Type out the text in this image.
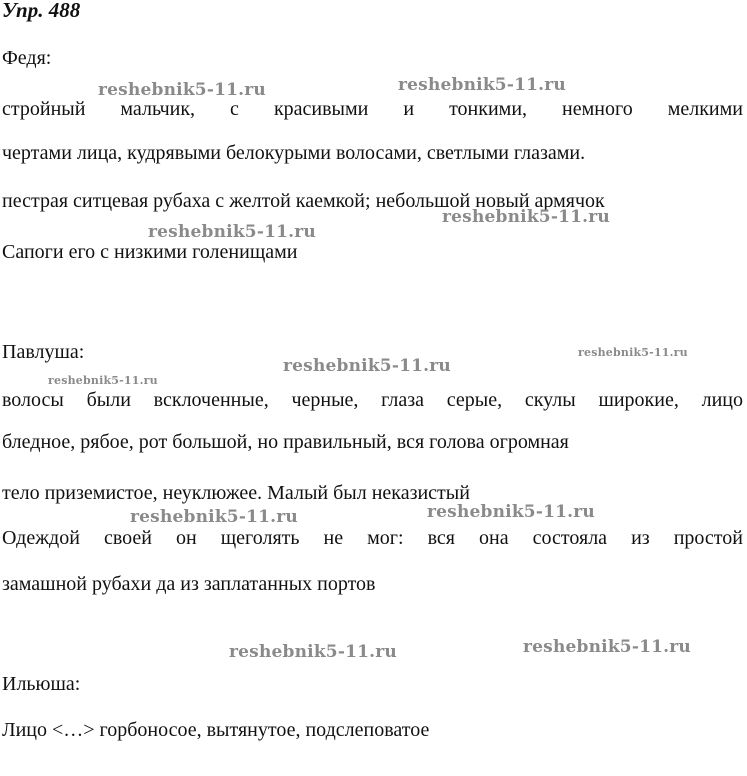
Упр. 488

Федя:

стройный мальчик, с красивыми и тонкими, немного мелкими

чертами лица, кудрявыми белокурыми волосами, светлыми глазами.

пестрая ситцевая рубаха с желтой каемкой; небольшой новый армячок

Сапоги его с низкими голенищами

Павлуша:

волосы были всклоченные, черные, глаза серые, скулы широкие, лицо

бледное, рябое, рот большой, но правильный, вся голова огромная

тело приземистое, неуклюжее. Малый был неказистый

Одеждой своей он щеголять не мог: вся она состояла из простой

замашной рубахи да из заплатанных портов

Ильюша:

Лицо <…> горбоносое, вытянутое, подслеповатое

reshebnik5-11.ru	reshebnik5-11.ru
reshebnik5-11.ru
reshebnik5-11.ru
reshebnik5-11.ru
reshebnik5-11.ru
reshebnik5-11.ru
reshebnik5-11.ru	reshebnik5-11.ru
reshebnik5-11.ru	reshebnik5-11.ru
